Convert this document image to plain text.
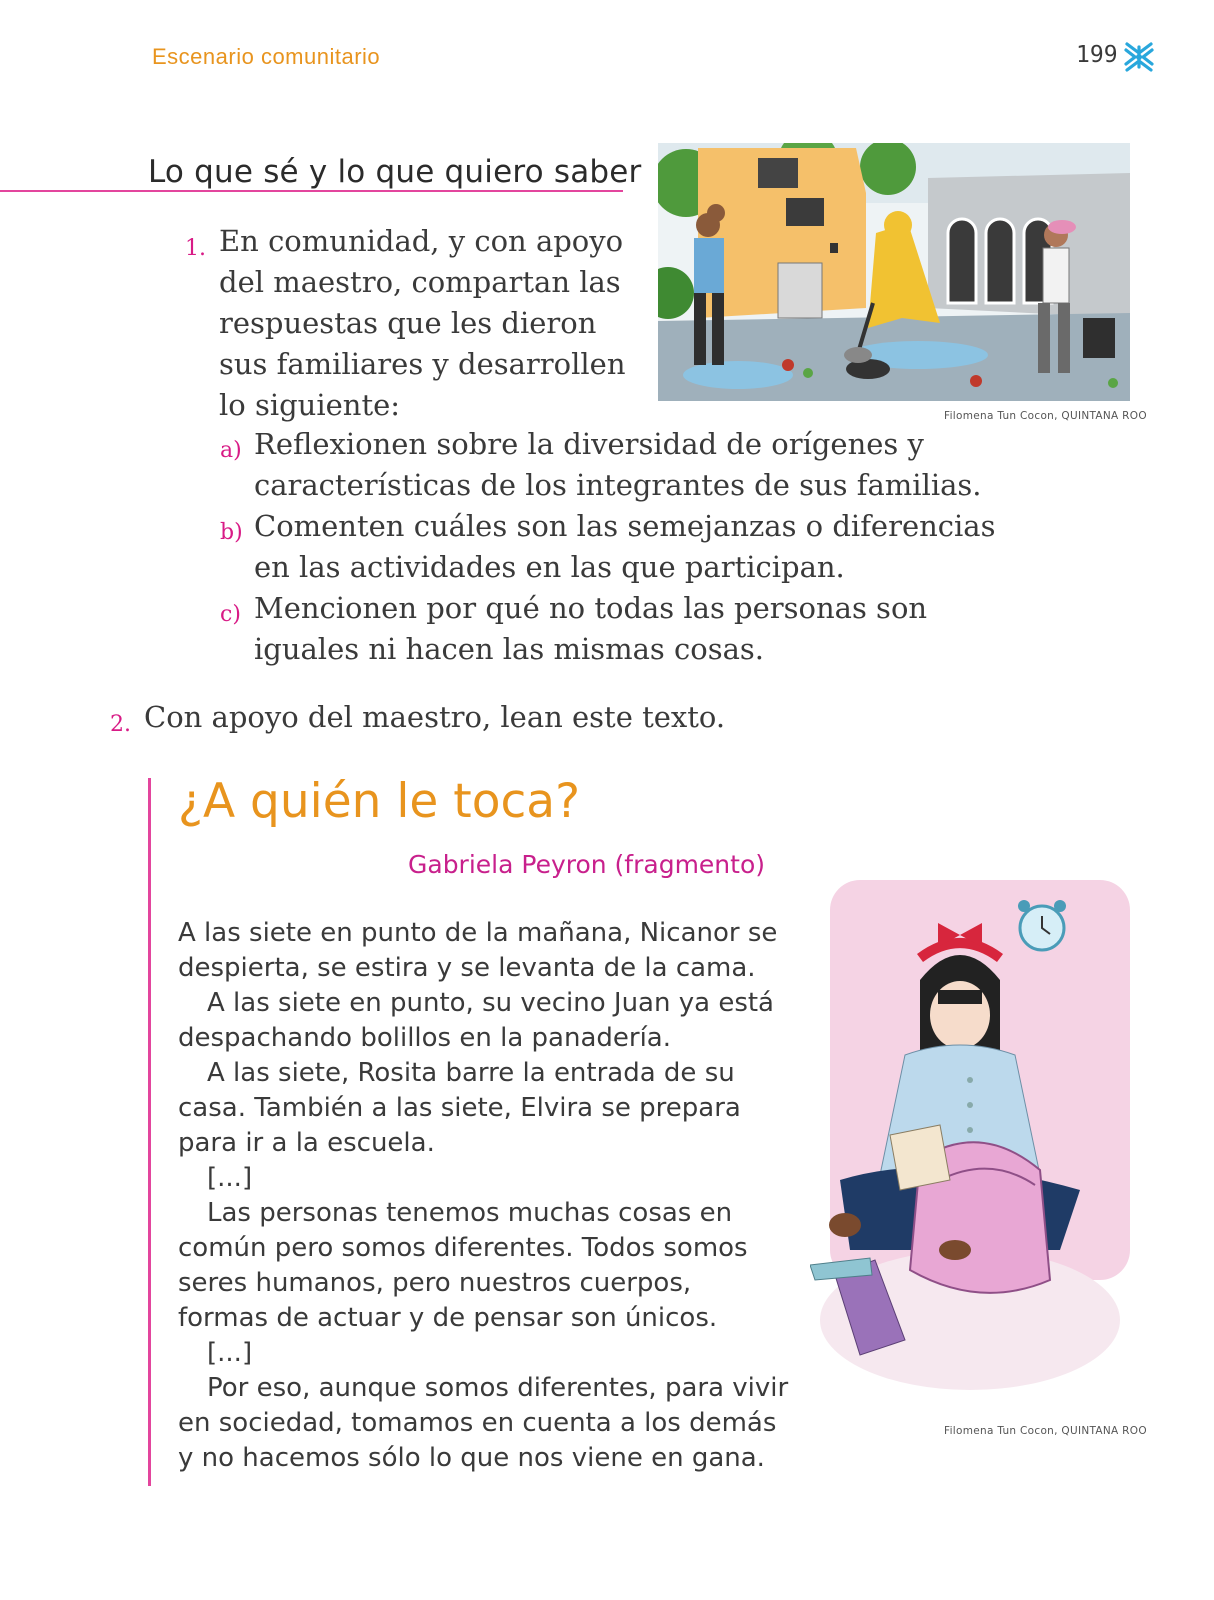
Escenario comunitario	199
Lo que sé y lo que quiero saber
Filomena Tun Cocon, QUINTANA ROO
1. En comunidad, y con apoyo
del maestro, compartan las
respuestas que les dieron
sus familiares y desarrollen
lo siguiente:
a) Reflexionen sobre la diversidad de orígenes y
características de los integrantes de sus familias.
b) Comenten cuáles son las semejanzas o diferencias
en las actividades en las que participan.
c) Mencionen por qué no todas las personas son
iguales ni hacen las mismas cosas.
2. Con apoyo del maestro, lean este texto.
¿A quién le toca?
Gabriela Peyron (fragmento)
A las siete en punto de la mañana, Nicanor se
despierta, se estira y se levanta de la cama.
A las siete en punto, su vecino Juan ya está
despachando bolillos en la panadería.
A las siete, Rosita barre la entrada de su
casa. También a las siete, Elvira se prepara
para ir a la escuela.
[...]
Las personas tenemos muchas cosas en
común pero somos diferentes. Todos somos
seres humanos, pero nuestros cuerpos,
formas de actuar y de pensar son únicos.
[...]
Por eso, aunque somos diferentes, para vivir
en sociedad, tomamos en cuenta a los demás
y no hacemos sólo lo que nos viene en gana.
Filomena Tun Cocon, QUINTANA ROO
